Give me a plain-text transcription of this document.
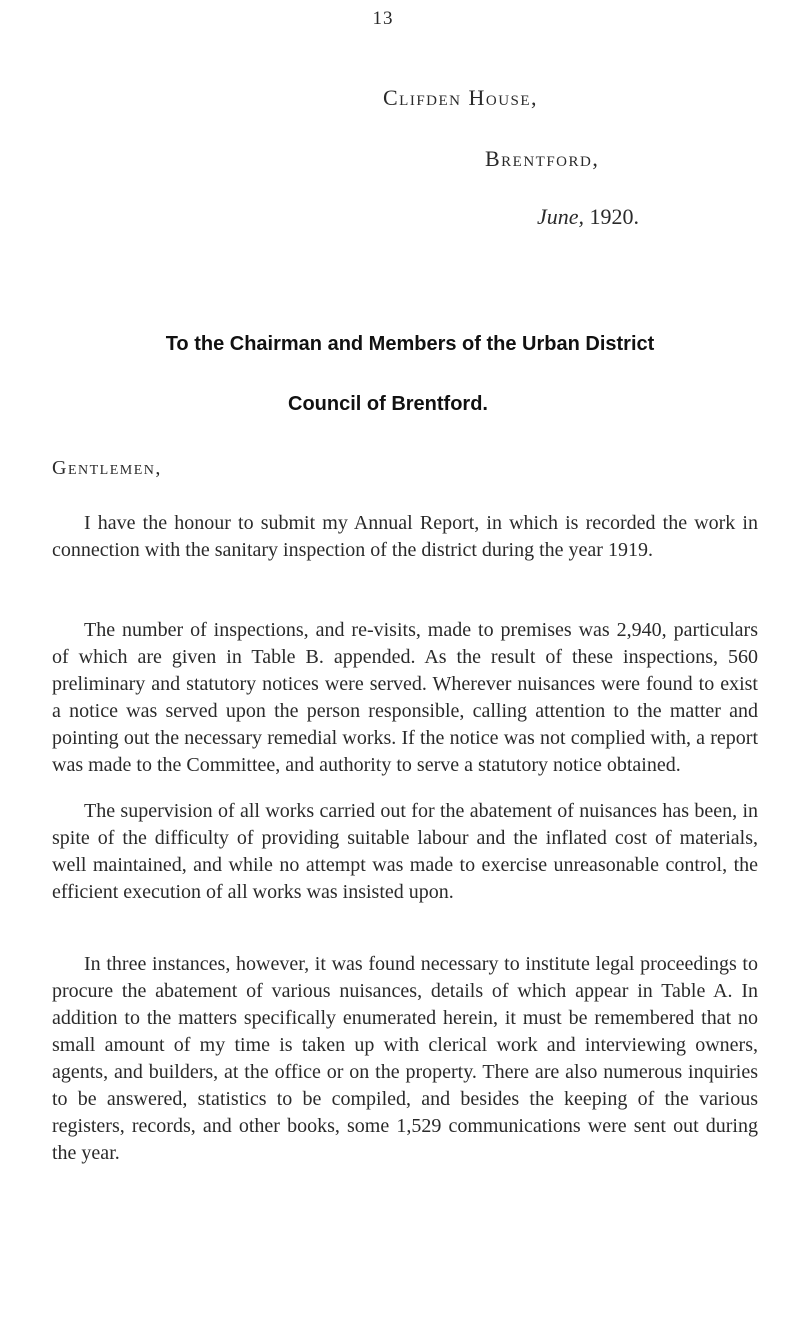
13
Clifden House,
Brentford,
June, 1920.
To the Chairman and Members of the Urban District
Council of Brentford.
Gentlemen,

I have the honour to submit my Annual Report, in which is recorded the work in connection with the sanitary inspection of the district during the year 1919.

The number of inspections, and re-visits, made to premises was 2,940, particulars of which are given in Table B. appended. As the result of these inspections, 560 preliminary and statutory notices were served. Wherever nuisances were found to exist a notice was served upon the person responsible, calling attention to the matter and pointing out the necessary remedial works. If the notice was not complied with, a report was made to the Committee, and authority to serve a statutory notice obtained.

The supervision of all works carried out for the abatement of nuisances has been, in spite of the difficulty of providing suitable labour and the inflated cost of materials, well maintained, and while no attempt was made to exercise unreasonable control, the efficient execution of all works was insisted upon.

In three instances, however, it was found necessary to institute legal proceedings to procure the abatement of various nuisances, details of which appear in Table A. In addition to the matters specifically enumerated herein, it must be remembered that no small amount of my time is taken up with clerical work and interviewing owners, agents, and builders, at the office or on the property. There are also numerous inquiries to be answered, statistics to be compiled, and besides the keeping of the various registers, records, and other books, some 1,529 communications were sent out during the year.
